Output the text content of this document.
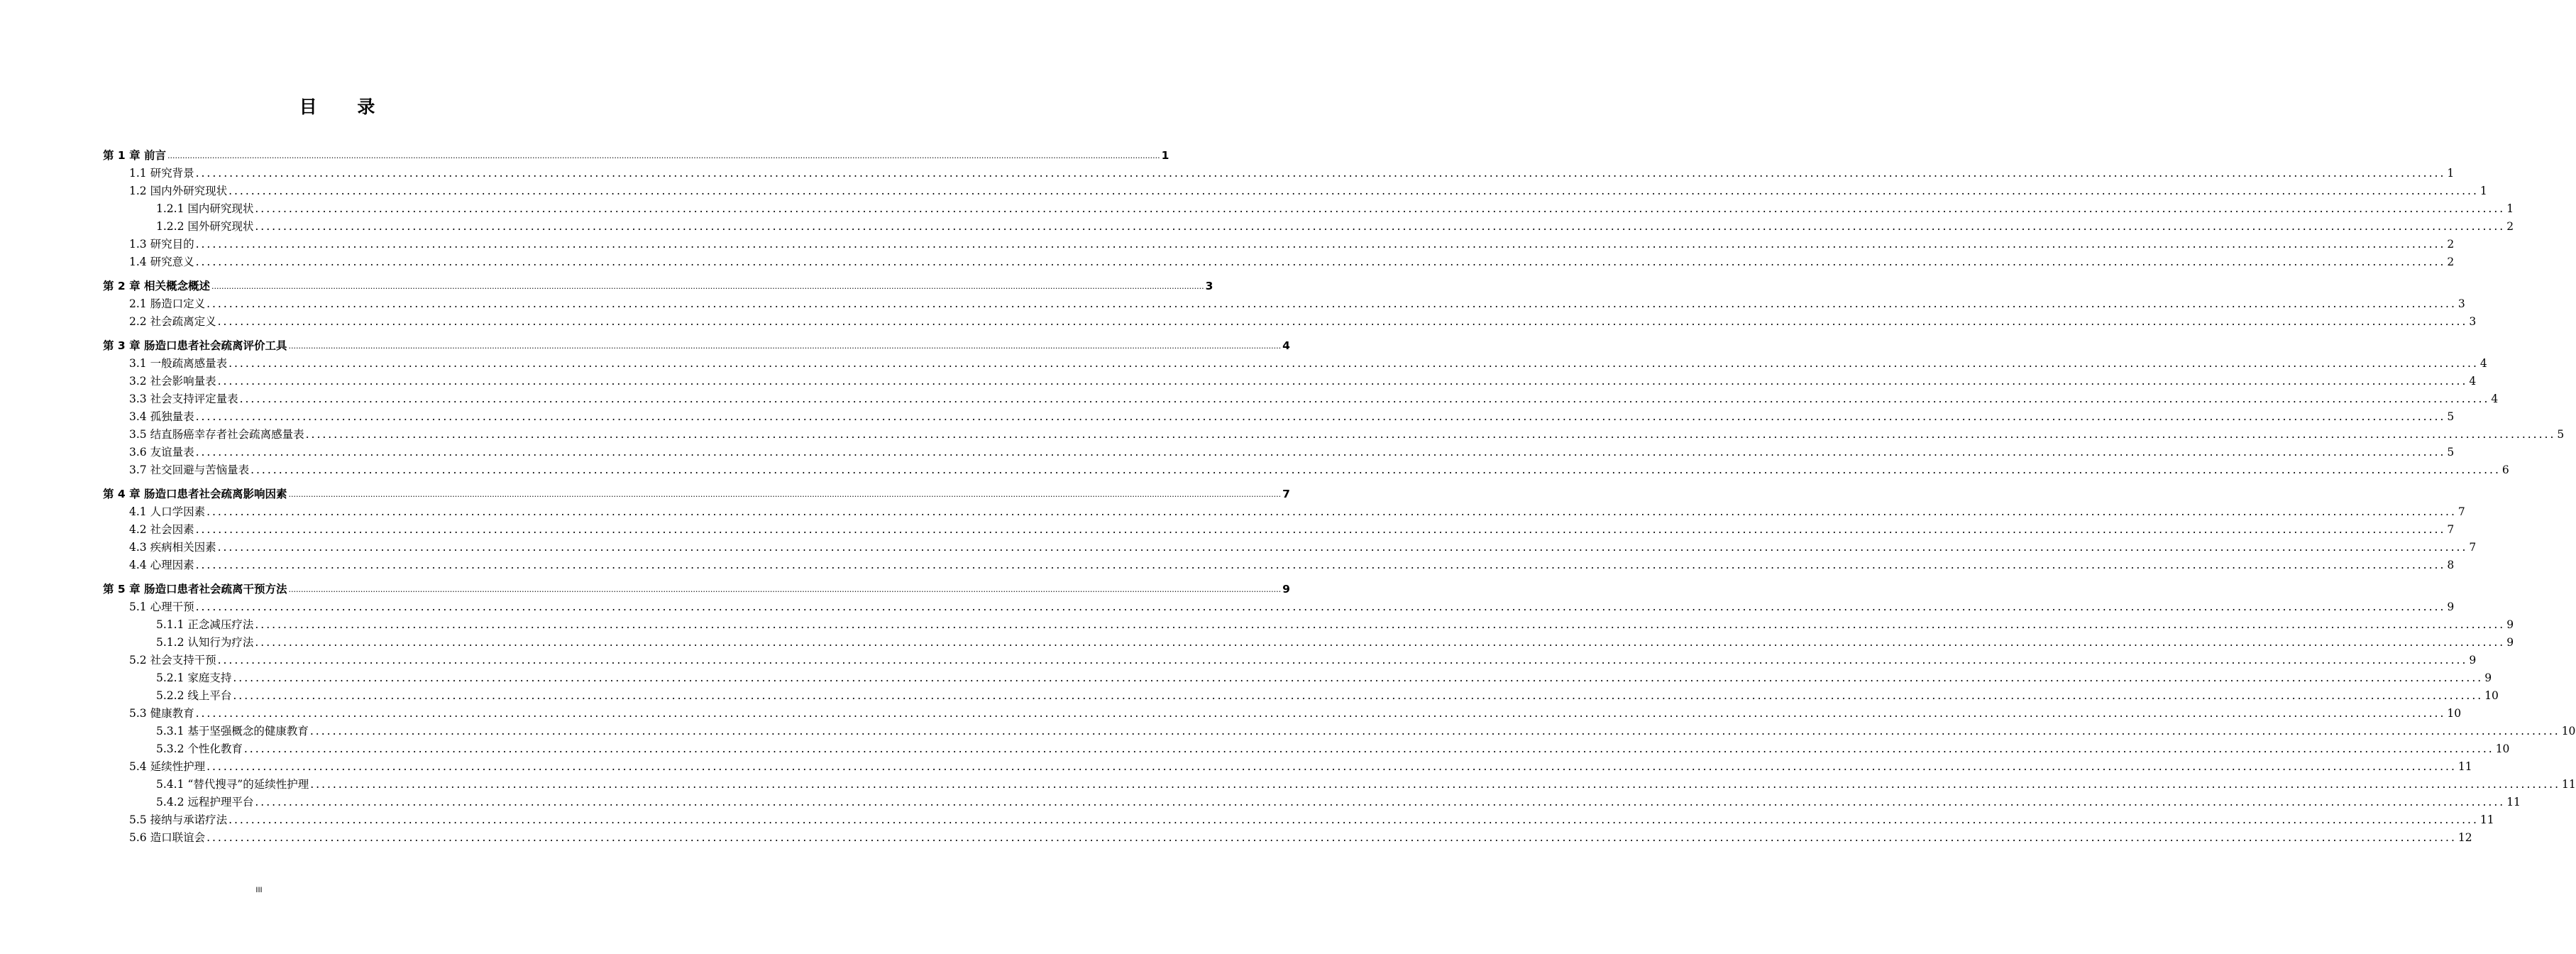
目 录
第 1 章 前言 ................................................................................................................................................................................................................................................................................................................................................................................................................ 1
1.1 研究背景 ................................................................................................................................................................................................................................................................................................................................................................................................................ 1
1.2 国内外研究现状 ................................................................................................................................................................................................................................................................................................................................................................................................................ 1
1.2.1 国内研究现状 ................................................................................................................................................................................................................................................................................................................................................................................................................ 1
1.2.2 国外研究现状 ................................................................................................................................................................................................................................................................................................................................................................................................................ 2
1.3 研究目的 ................................................................................................................................................................................................................................................................................................................................................................................................................ 2
1.4 研究意义 ................................................................................................................................................................................................................................................................................................................................................................................................................ 2
第 2 章 相关概念概述 ................................................................................................................................................................................................................................................................................................................................................................................................................ 3
2.1 肠造口定义 ................................................................................................................................................................................................................................................................................................................................................................................................................ 3
2.2 社会疏离定义 ................................................................................................................................................................................................................................................................................................................................................................................................................ 3
第 3 章 肠造口患者社会疏离评价工具 ................................................................................................................................................................................................................................................................................................................................................................................................................ 4
3.1 一般疏离感量表 ................................................................................................................................................................................................................................................................................................................................................................................................................ 4
3.2 社会影响量表 ................................................................................................................................................................................................................................................................................................................................................................................................................ 4
3.3 社会支持评定量表 ................................................................................................................................................................................................................................................................................................................................................................................................................ 4
3.4 孤独量表 ................................................................................................................................................................................................................................................................................................................................................................................................................ 5
3.5 结直肠癌幸存者社会疏离感量表 ................................................................................................................................................................................................................................................................................................................................................................................................................ 5
3.6 友谊量表 ................................................................................................................................................................................................................................................................................................................................................................................................................ 5
3.7 社交回避与苦恼量表 ................................................................................................................................................................................................................................................................................................................................................................................................................ 6
第 4 章 肠造口患者社会疏离影响因素 ................................................................................................................................................................................................................................................................................................................................................................................................................ 7
4.1 人口学因素 ................................................................................................................................................................................................................................................................................................................................................................................................................ 7
4.2 社会因素 ................................................................................................................................................................................................................................................................................................................................................................................................................ 7
4.3 疾病相关因素 ................................................................................................................................................................................................................................................................................................................................................................................................................ 7
4.4 心理因素 ................................................................................................................................................................................................................................................................................................................................................................................................................ 8
第 5 章 肠造口患者社会疏离干预方法 ................................................................................................................................................................................................................................................................................................................................................................................................................ 9
5.1 心理干预 ................................................................................................................................................................................................................................................................................................................................................................................................................ 9
5.1.1 正念减压疗法 ................................................................................................................................................................................................................................................................................................................................................................................................................ 9
5.1.2 认知行为疗法 ................................................................................................................................................................................................................................................................................................................................................................................................................ 9
5.2 社会支持干预 ................................................................................................................................................................................................................................................................................................................................................................................................................ 9
5.2.1 家庭支持 ................................................................................................................................................................................................................................................................................................................................................................................................................ 9
5.2.2 线上平台 ................................................................................................................................................................................................................................................................................................................................................................................................................ 10
5.3 健康教育 ................................................................................................................................................................................................................................................................................................................................................................................................................ 10
5.3.1 基于坚强概念的健康教育 ................................................................................................................................................................................................................................................................................................................................................................................................................ 10
5.3.2 个性化教育 ................................................................................................................................................................................................................................................................................................................................................................................................................ 10
5.4 延续性护理 ................................................................................................................................................................................................................................................................................................................................................................................................................ 11
5.4.1 “替代搜寻”的延续性护理 ................................................................................................................................................................................................................................................................................................................................................................................................................ 11
5.4.2 远程护理平台 ................................................................................................................................................................................................................................................................................................................................................................................................................ 11
5.5 接纳与承诺疗法 ................................................................................................................................................................................................................................................................................................................................................................................................................ 11
5.6 造口联谊会 ................................................................................................................................................................................................................................................................................................................................................................................................................ 12
III
